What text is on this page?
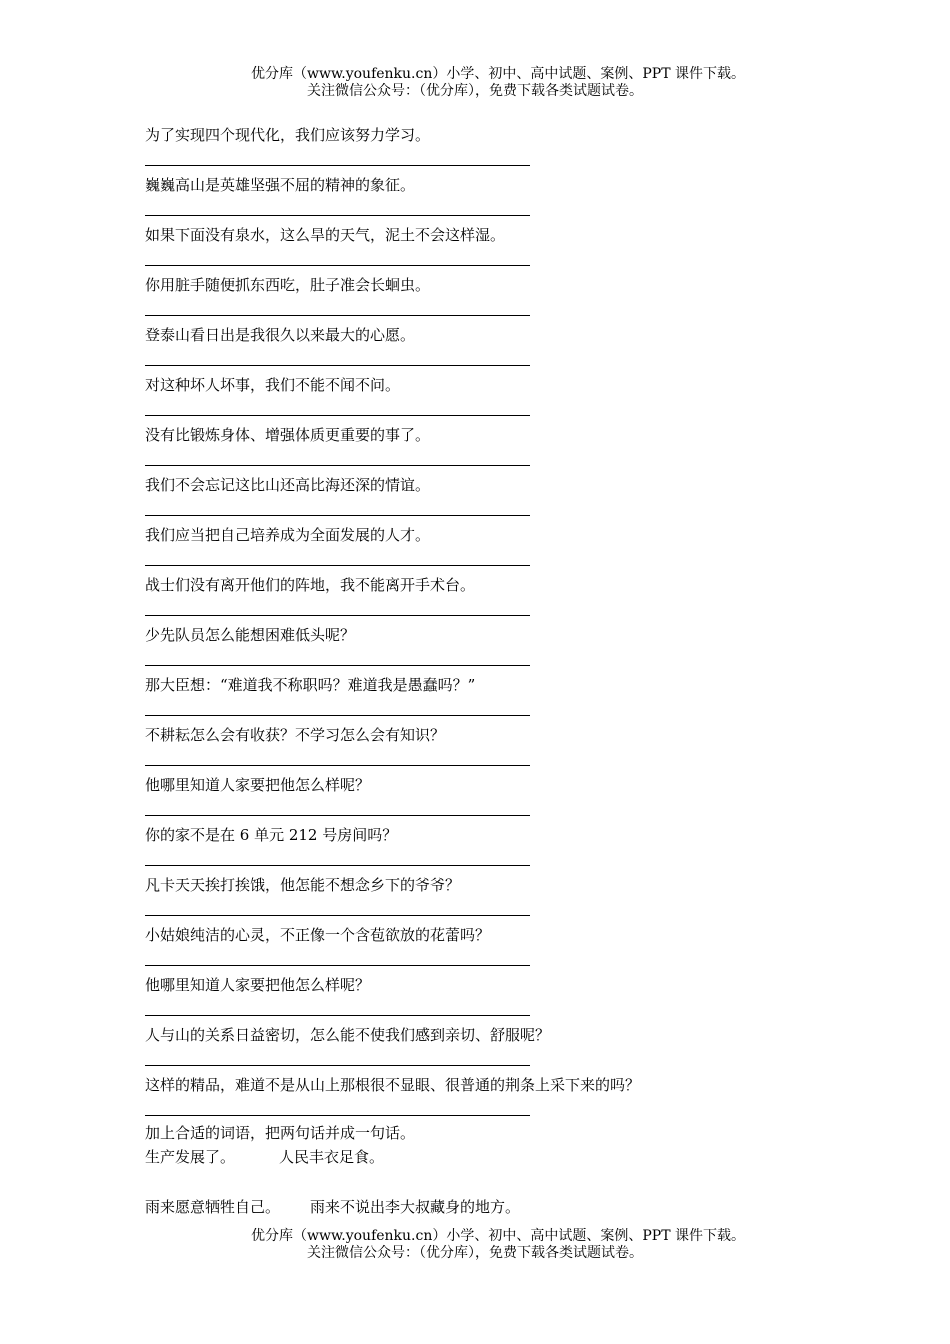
优分库（www.youfenku.cn）小学、初中、高中试题、案例、PPT 课件下载。
关注微信公众号：（优分库），免费下载各类试题试卷。
为了实现四个现代化，我们应该努力学习。
巍巍高山是英雄坚强不屈的精神的象征。
如果下面没有泉水，这么旱的天气，泥土不会这样湿。
你用脏手随便抓东西吃，肚子准会长蛔虫。
登泰山看日出是我很久以来最大的心愿。
对这种坏人坏事，我们不能不闻不问。
没有比锻炼身体、增强体质更重要的事了。
我们不会忘记这比山还高比海还深的情谊。
我们应当把自己培养成为全面发展的人才。
战士们没有离开他们的阵地，我不能离开手术台。
少先队员怎么能想困难低头呢？
那大臣想：“难道我不称职吗？难道我是愚蠢吗？”
不耕耘怎么会有收获？不学习怎么会有知识？
他哪里知道人家要把他怎么样呢？
你的家不是在 6 单元 212 号房间吗？
凡卡天天挨打挨饿，他怎能不想念乡下的爷爷？
小姑娘纯洁的心灵，不正像一个含苞欲放的花蕾吗？
他哪里知道人家要把他怎么样呢？
人与山的关系日益密切，怎么能不使我们感到亲切、舒服呢？
这样的精品，难道不是从山上那根很不显眼、很普通的荆条上采下来的吗？
加上合适的词语，把两句话并成一句话。
生产发展了。	人民丰衣足食。
雨来愿意牺牲自己。 雨来不说出李大叔藏身的地方。
优分库（www.youfenku.cn）小学、初中、高中试题、案例、PPT 课件下载。
关注微信公众号：（优分库），免费下载各类试题试卷。
